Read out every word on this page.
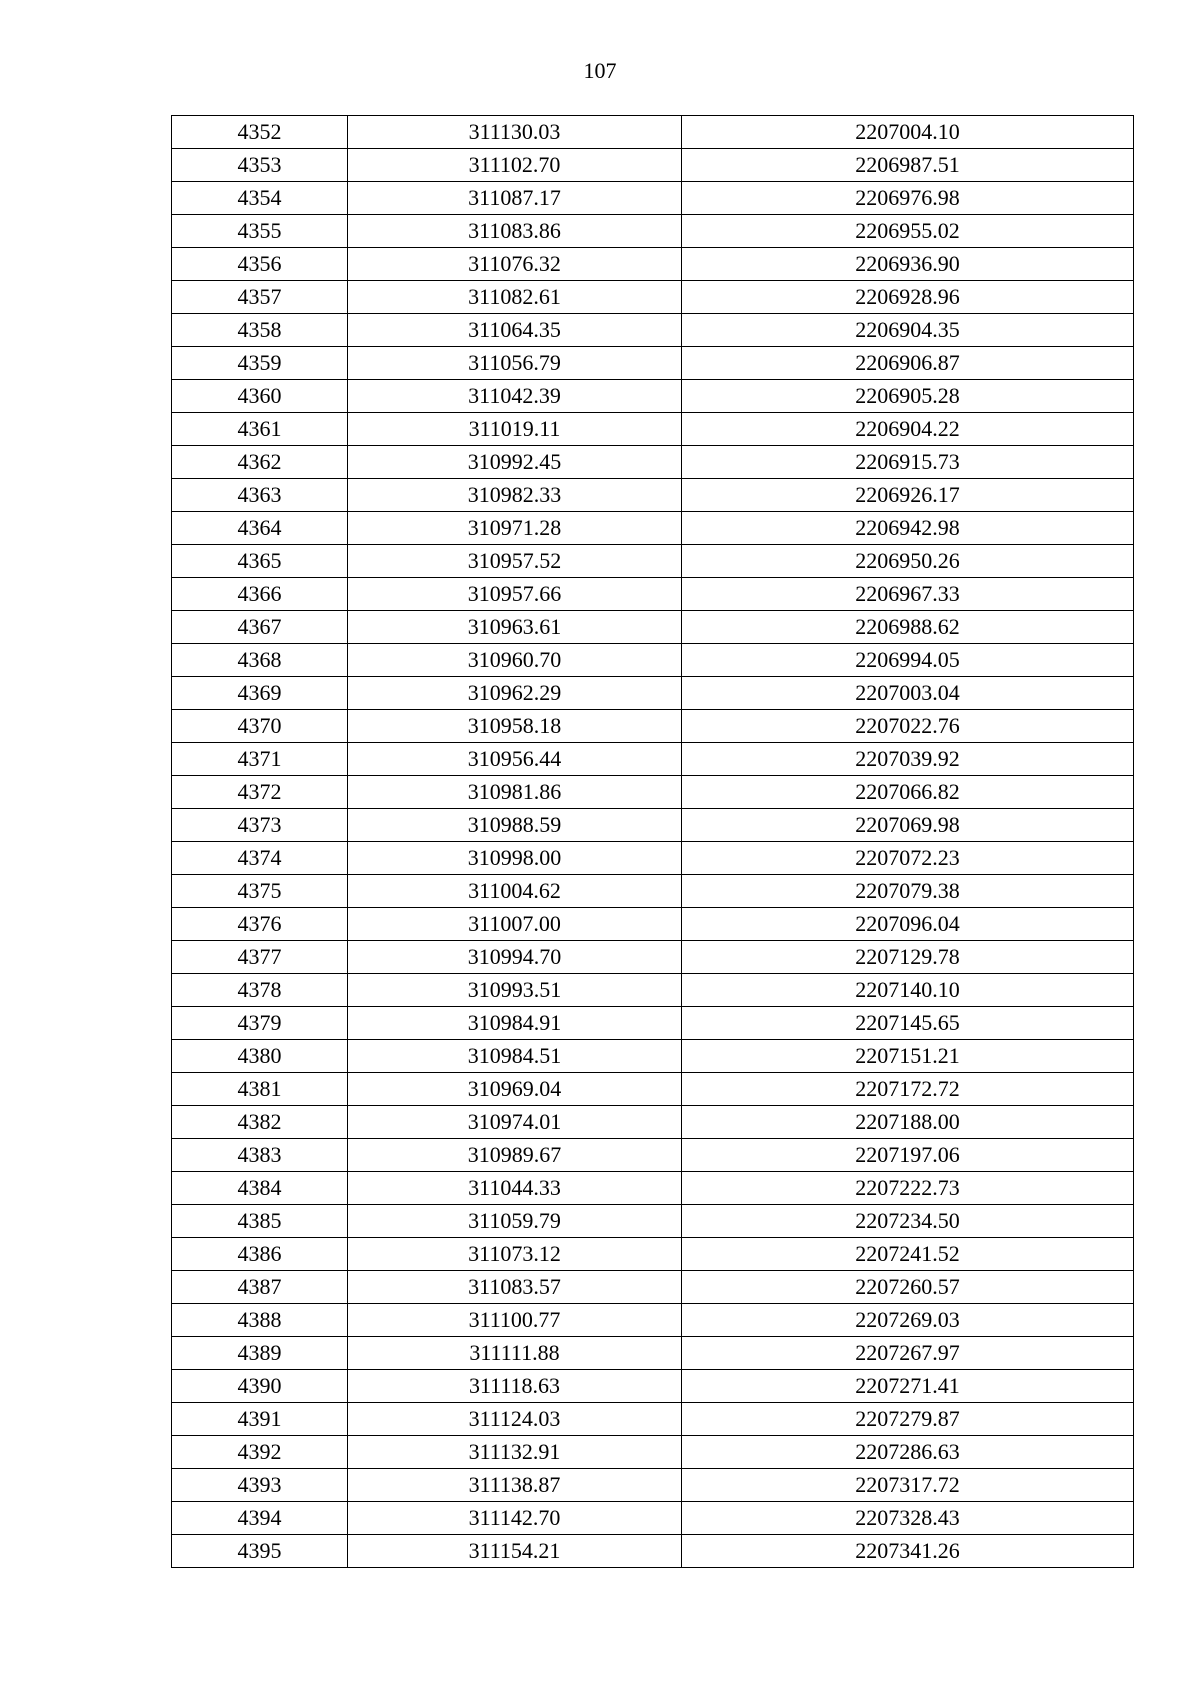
107
4352	311130.03	2207004.10
4353	311102.70	2206987.51
4354	311087.17	2206976.98
4355	311083.86	2206955.02
4356	311076.32	2206936.90
4357	311082.61	2206928.96
4358	311064.35	2206904.35
4359	311056.79	2206906.87
4360	311042.39	2206905.28
4361	311019.11	2206904.22
4362	310992.45	2206915.73
4363	310982.33	2206926.17
4364	310971.28	2206942.98
4365	310957.52	2206950.26
4366	310957.66	2206967.33
4367	310963.61	2206988.62
4368	310960.70	2206994.05
4369	310962.29	2207003.04
4370	310958.18	2207022.76
4371	310956.44	2207039.92
4372	310981.86	2207066.82
4373	310988.59	2207069.98
4374	310998.00	2207072.23
4375	311004.62	2207079.38
4376	311007.00	2207096.04
4377	310994.70	2207129.78
4378	310993.51	2207140.10
4379	310984.91	2207145.65
4380	310984.51	2207151.21
4381	310969.04	2207172.72
4382	310974.01	2207188.00
4383	310989.67	2207197.06
4384	311044.33	2207222.73
4385	311059.79	2207234.50
4386	311073.12	2207241.52
4387	311083.57	2207260.57
4388	311100.77	2207269.03
4389	311111.88	2207267.97
4390	311118.63	2207271.41
4391	311124.03	2207279.87
4392	311132.91	2207286.63
4393	311138.87	2207317.72
4394	311142.70	2207328.43
4395	311154.21	2207341.26
